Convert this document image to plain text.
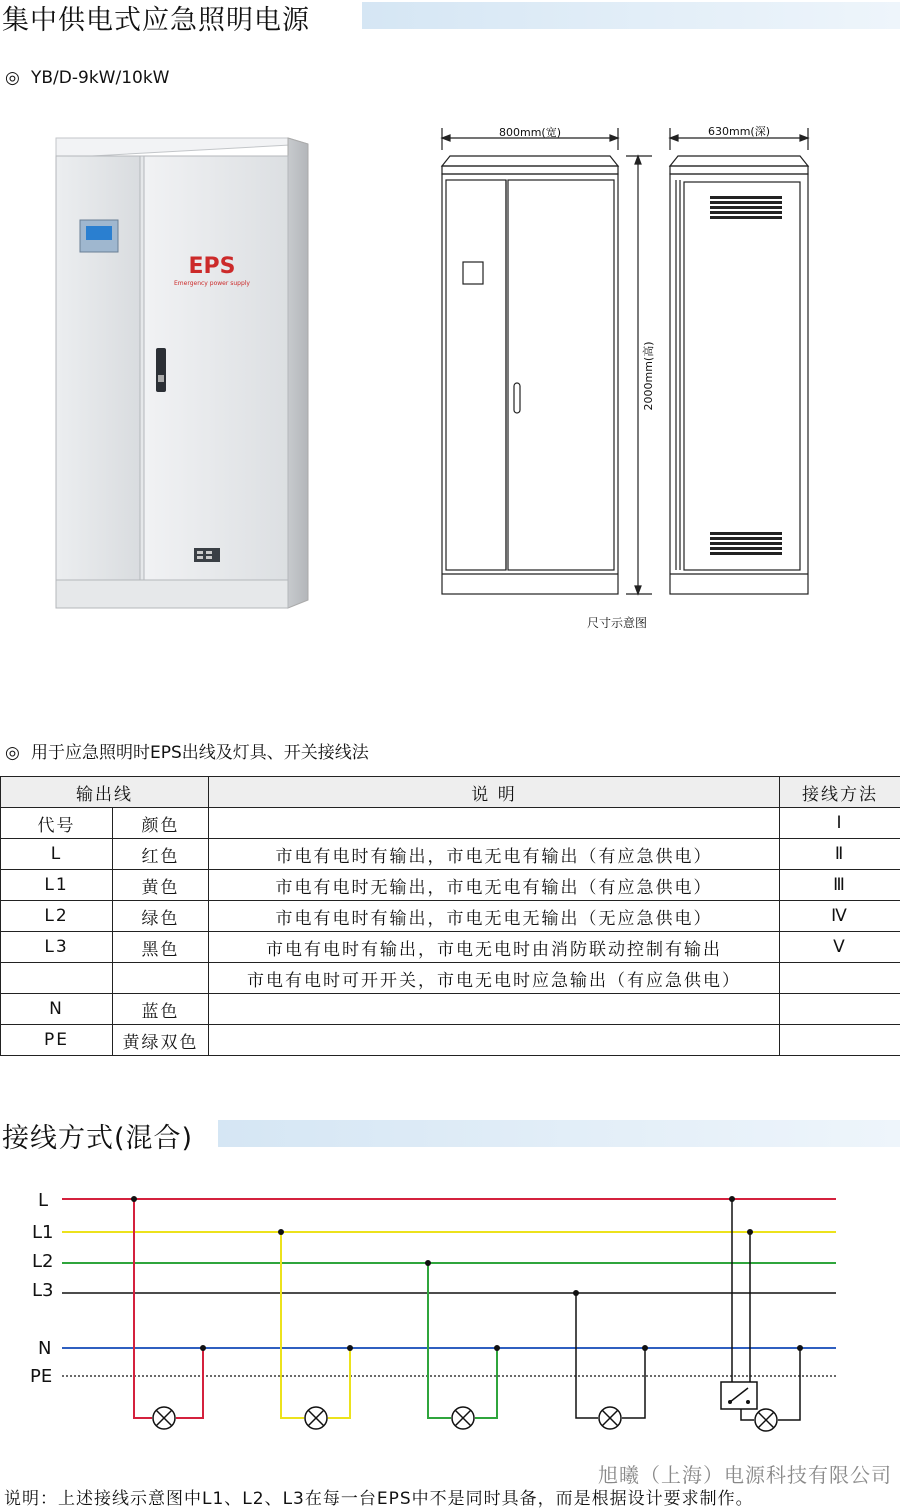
集中供电式应急照明电源
◎ YB/D-9kW/10kW
EPS
Emergency power supply
800mm(宽)	630mm(深)
2000mm(高)
尺寸示意图
◎ 用于应急照明时EPS出线及灯具、开关接线法
输出线		说 明	接线方法
代号	颜色		Ⅰ
L	红色	市电有电时有输出，市电无电有输出（有应急供电）	Ⅱ
L1	黄色	市电有电时无输出，市电无电有输出（有应急供电）	Ⅲ
L2	绿色	市电有电时有输出，市电无电无输出（无应急供电）	Ⅳ
L3	黑色	市电有电时有输出，市电无电时由消防联动控制有输出	Ⅴ
		市电有电时可开开关，市电无电时应急输出（有应急供电）	
N	蓝色		
PE	黄绿双色		
接线方式(混合)
L
L1
L2
L3
N
PE
旭曦（上海）电源科技有限公司
说明：上述接线示意图中L1、L2、L3在每一台EPS中不是同时具备，而是根据设计要求制作。
